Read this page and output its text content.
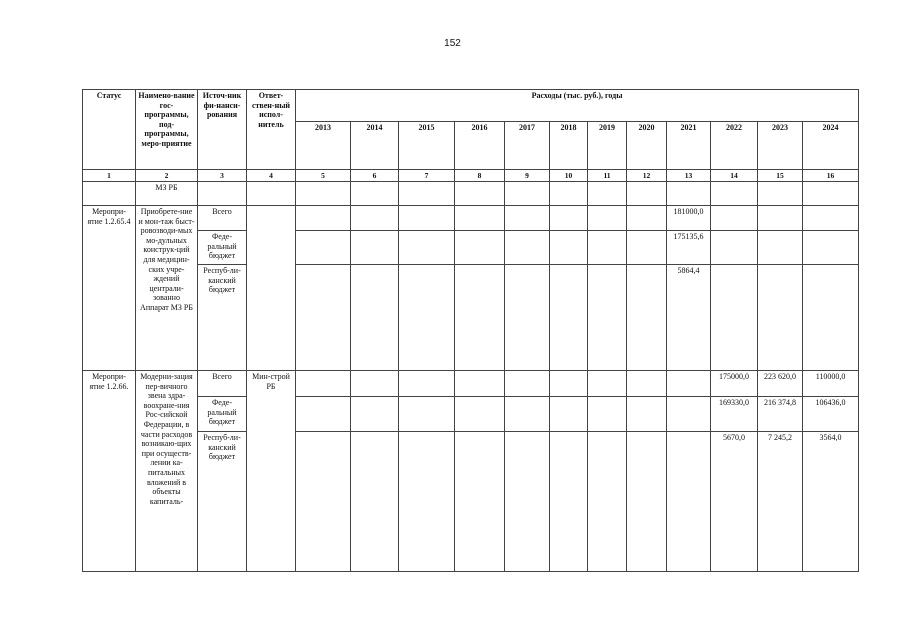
152
Статус	Наимено-вание гос-программы, под-программы, меро-приятие	Источ-ник фи-нанси-рования	Ответ-ствен-ный испол-нитель	Расходы (тыс. руб.), годы											
				2013	2014	2015	2016	2017	2018	2019	2020	2021	2022	2023	2024
1	2	3	4	5	6	7	8	9	10	11	12	13	14	15	16
	МЗ РБ														
Меропри-ятие 1.2.65.4	Приобрете-ние и мон-таж быст-ровозводи-мых мо-дульных конструк-ций для медицин-ских учре-ждений централи-зованно Аппарат МЗ РБ	Всего										181000,0			
		Феде-ральный бюджет										175135,6			
		Респуб-ли-канский бюджет										5864,4			
Меропри-ятие 1.2.66.	Модерни-зация пер-вичного звена здра-воохране-ния Рос-сийской Федерации, в части расходов возникаю-щих при осуществ-лении ка-питальных вложений в объекты капиталь-	Всего	Мин-строй РБ										175000,0	223 620,0	110000,0
		Феде-ральный бюджет											169330,0	216 374,8	106436,0
		Респуб-ли-канский бюджет											5670,0	7 245,2	3564,0
